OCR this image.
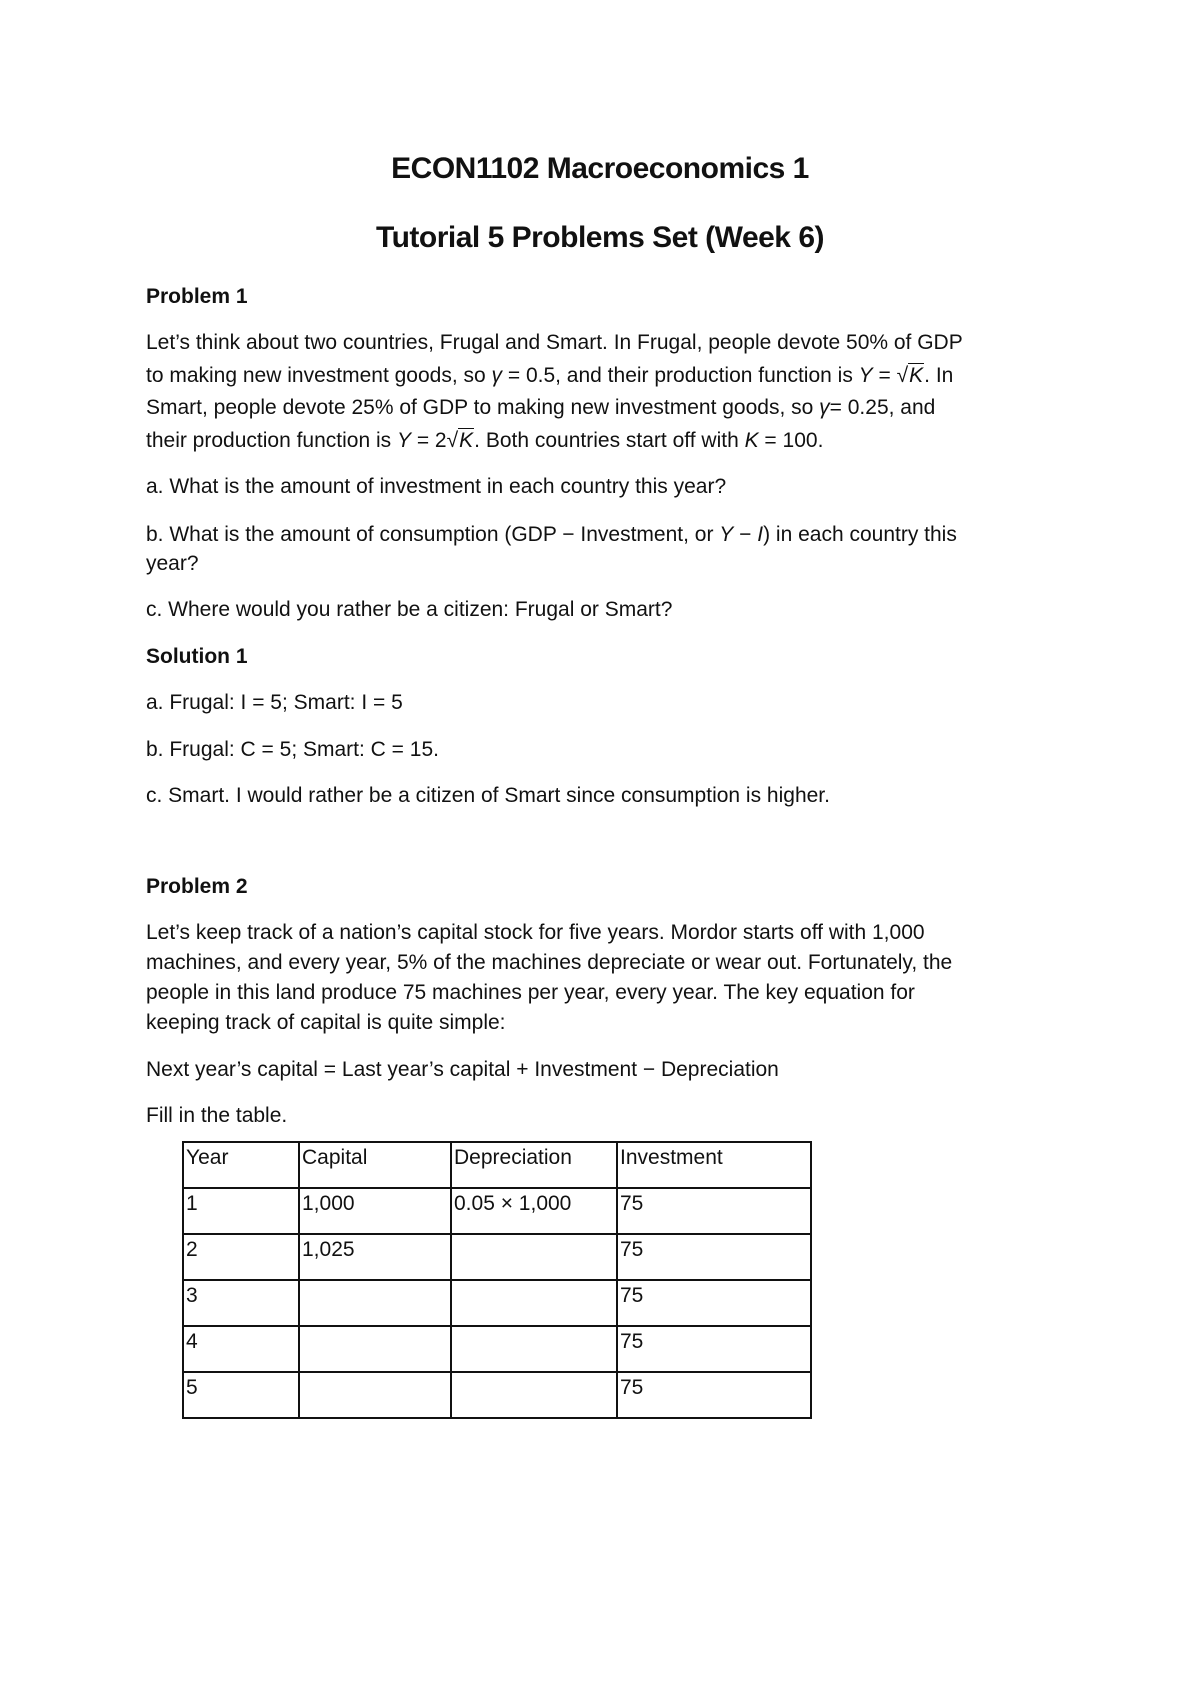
ECON1102 Macroeconomics 1
Tutorial 5 Problems Set (Week 6)
Problem 1
Let’s think about two countries, Frugal and Smart. In Frugal, people devote 50% of GDP
to making new investment goods, so γ = 0.5, and their production function is Y = √K. In
Smart, people devote 25% of GDP to making new investment goods, so γ= 0.25, and
their production function is Y = 2√K. Both countries start off with K = 100.
a. What is the amount of investment in each country this year?
b. What is the amount of consumption (GDP − Investment, or Y − I) in each country this
year?
c. Where would you rather be a citizen: Frugal or Smart?
Solution 1
a. Frugal: I = 5; Smart: I = 5
b. Frugal: C = 5; Smart: C = 15.
c. Smart. I would rather be a citizen of Smart since consumption is higher.
Problem 2
Let’s keep track of a nation’s capital stock for five years. Mordor starts off with 1,000
machines, and every year, 5% of the machines depreciate or wear out. Fortunately, the
people in this land produce 75 machines per year, every year. The key equation for
keeping track of capital is quite simple:
Next year’s capital = Last year’s capital + Investment − Depreciation
Fill in the table.
Year	Capital	Depreciation	Investment
1	1,000	0.05 × 1,000	75
2	1,025		75
3			75
4			75
5			75
